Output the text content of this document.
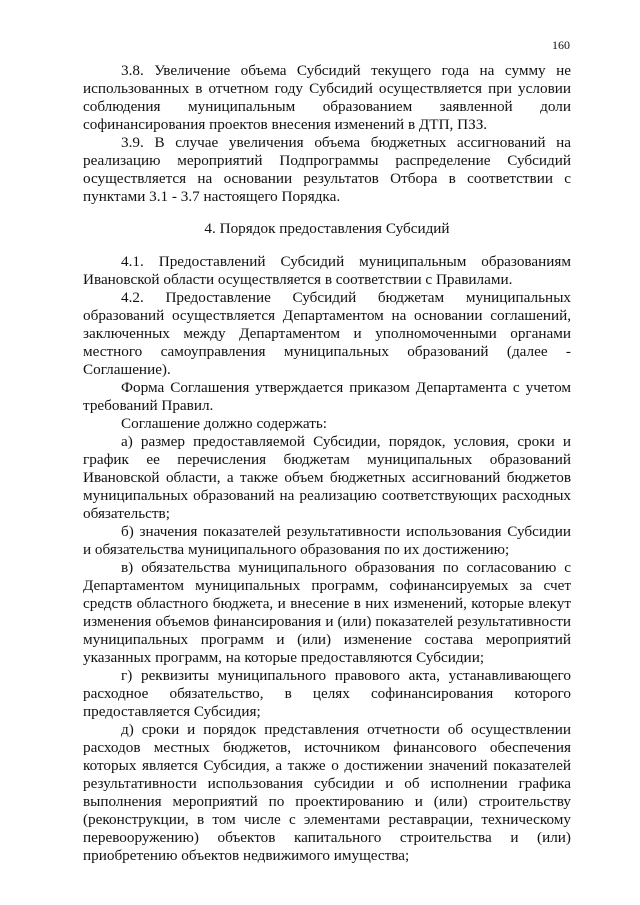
160

3.8. Увеличение объема Субсидий текущего года на сумму не использованных в отчетном году Субсидий осуществляется при условии соблюдения муниципальным образованием заявленной доли софинансирования проектов внесения изменений в ДТП, ПЗЗ.

3.9. В случае увеличения объема бюджетных ассигнований на реализацию мероприятий Подпрограммы распределение Субсидий осуществляется на основании результатов Отбора в соответствии с пунктами 3.1 - 3.7 настоящего Порядка.

4. Порядок предоставления Субсидий

4.1. Предоставлений Субсидий муниципальным образованиям Ивановской области осуществляется в соответствии с Правилами.

4.2. Предоставление Субсидий бюджетам муниципальных образований осуществляется Департаментом на основании соглашений, заключенных между Департаментом и уполномоченными органами местного самоуправления муниципальных образований (далее - Соглашение).

Форма Соглашения утверждается приказом Департамента с учетом требований Правил.

Соглашение должно содержать:

а) размер предоставляемой Субсидии, порядок, условия, сроки и график ее перечисления бюджетам муниципальных образований Ивановской области, а также объем бюджетных ассигнований бюджетов муниципальных образований на реализацию соответствующих расходных обязательств;

б) значения показателей результативности использования Субсидии и обязательства муниципального образования по их достижению;

в) обязательства муниципального образования по согласованию с Департаментом муниципальных программ, софинансируемых за счет средств областного бюджета, и внесение в них изменений, которые влекут изменения объемов финансирования и (или) показателей результативности муниципальных программ и (или) изменение состава мероприятий указанных программ, на которые предоставляются Субсидии;

г) реквизиты муниципального правового акта, устанавливающего расходное обязательство, в целях софинансирования которого предоставляется Субсидия;

д) сроки и порядок представления отчетности об осуществлении расходов местных бюджетов, источником финансового обеспечения которых является Субсидия, а также о достижении значений показателей результативности использования субсидии и об исполнении графика выполнения мероприятий по проектированию и (или) строительству (реконструкции, в том числе с элементами реставрации, техническому перевооружению) объектов капитального строительства и (или) приобретению объектов недвижимого имущества;
